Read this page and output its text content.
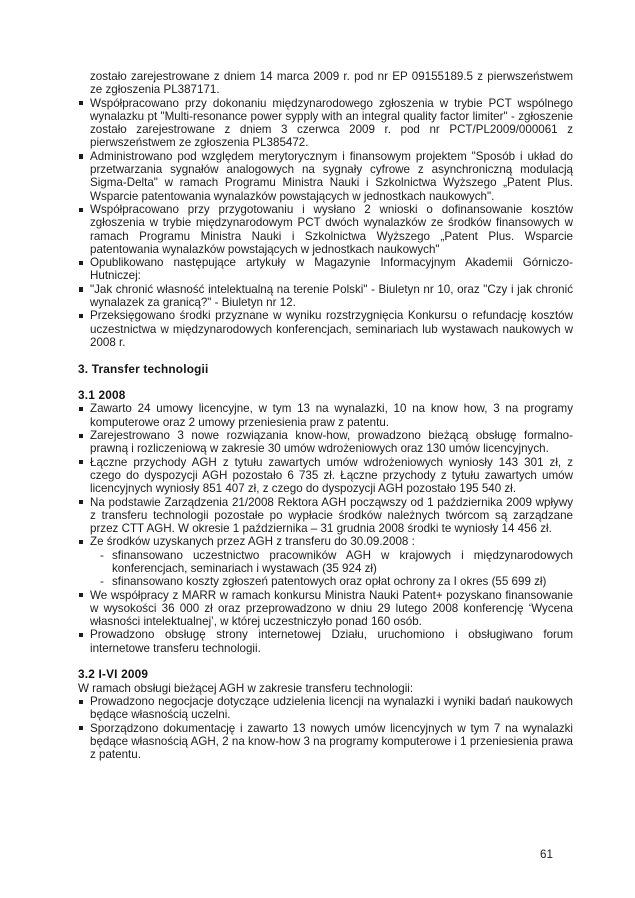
zostało zarejestrowane z dniem 14 marca 2009 r. pod nr EP 09155189.5 z pierwszeństwem ze zgłoszenia PL387171.

Współpracowano przy dokonaniu międzynarodowego zgłoszenia w trybie PCT wspólnego wynalazku pt "Multi-resonance power sypply with an integral quality factor limiter" - zgłoszenie zostało zarejestrowane z dniem 3 czerwca 2009 r. pod nr PCT/PL2009/000061 z pierwszeństwem ze zgłoszenia PL385472.
Administrowano pod względem merytorycznym i finansowym projektem "Sposób i układ do przetwarzania sygnałów analogowych na sygnały cyfrowe z asynchroniczną modulacją Sigma-Delta" w ramach Programu Ministra Nauki i Szkolnictwa Wyższego „Patent Plus. Wsparcie patentowania wynalazków powstających w jednostkach naukowych".
Współpracowano przy przygotowaniu i wysłano 2 wnioski o dofinansowanie kosztów zgłoszenia w trybie międzynarodowym PCT dwóch wynalazków ze środków finansowych w ramach Programu Ministra Nauki i Szkolnictwa Wyższego „Patent Plus. Wsparcie patentowania wynalazków powstających w jednostkach naukowych"
Opublikowano następujące artykuły w Magazynie Informacyjnym Akademii Górniczo-Hutniczej:
"Jak chronić własność intelektualną na terenie Polski" - Biuletyn nr 10, oraz "Czy i jak chronić wynalazek za granicą?" - Biuletyn nr 12.
Przeksięgowano środki przyznane w wyniku rozstrzygnięcia Konkursu o refundację kosztów uczestnictwa w międzynarodowych konferencjach, seminariach lub wystawach naukowych w 2008 r.
3. Transfer technologii
3.1 2008
Zawarto 24 umowy licencyjne, w tym 13 na wynalazki, 10 na know how, 3 na programy komputerowe oraz 2 umowy przeniesienia praw z patentu.
Zarejestrowano 3 nowe rozwiązania know-how, prowadzono bieżącą obsługę formalno-prawną i rozliczeniową w zakresie 30 umów wdrożeniowych oraz 130 umów licencyjnych.
Łączne przychody AGH z tytułu zawartych umów wdrożeniowych wyniosły 143 301 zł, z czego do dyspozycji AGH pozostało 6 735 zł. Łączne przychody z tytułu zawartych umów licencyjnych wyniosły 851 407 zł, z czego do dyspozycji AGH pozostało 195 540 zł.
Na podstawie Zarządzenia 21/2008 Rektora AGH począwszy od 1 października 2009 wpływy z transferu technologii pozostałe po wypłacie środków należnych twórcom są zarządzane przez CTT AGH. W okresie 1 października – 31 grudnia 2008 środki te wyniosły 14 456 zł.
Ze środków uzyskanych przez AGH z transferu do 30.09.2008 :
- sfinansowano uczestnictwo pracowników AGH w krajowych i międzynarodowych konferencjach, seminariach i wystawach (35 924 zł)
- sfinansowano koszty zgłoszeń patentowych oraz opłat ochrony za I okres (55 699 zł)
We współpracy z MARR w ramach konkursu Ministra Nauki Patent+ pozyskano finansowanie w wysokości 36 000 zł oraz przeprowadzono w dniu 29 lutego 2008 konferencję ‘Wycena własności intelektualnej’, w której uczestniczyło ponad 160 osób.
Prowadzono obsługę strony internetowej Działu, uruchomiono i obsługiwano forum internetowe transferu technologii.
3.2 I-VI 2009

W ramach obsługi bieżącej AGH w zakresie transferu technologii:

Prowadzono negocjacje dotyczące udzielenia licencji na wynalazki i wyniki badań naukowych będące własnością uczelni.
Sporządzono dokumentację i zawarto 13 nowych umów licencyjnych w tym 7 na wynalazki będące własnością AGH, 2 na know-how 3 na programy komputerowe i 1 przeniesienia prawa z patentu.
61
